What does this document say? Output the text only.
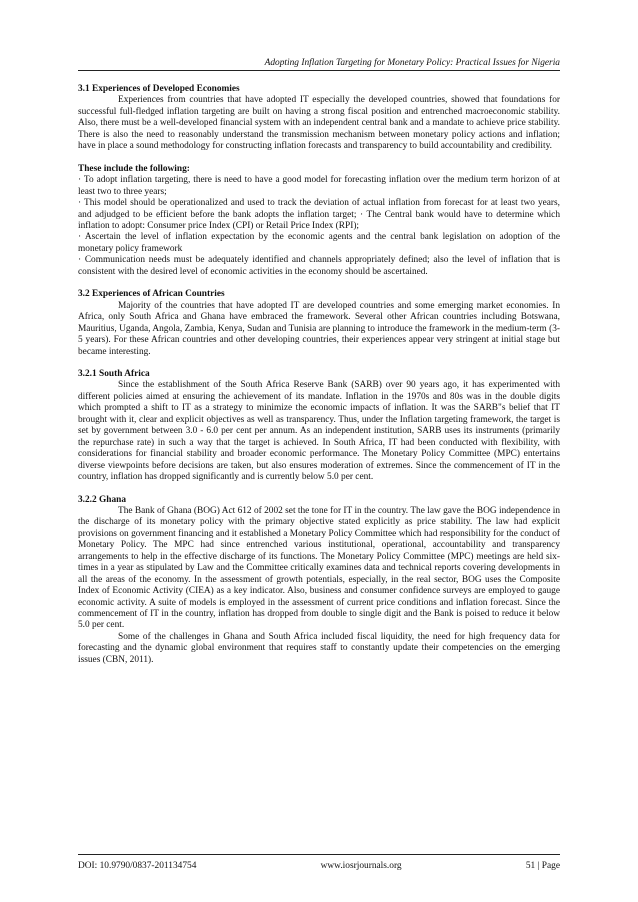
Adopting Inflation Targeting for Monetary Policy: Practical Issues for Nigeria

3.1 Experiences of Developed Economies

Experiences from countries that have adopted IT especially the developed countries, showed that foundations for successful full-fledged inflation targeting are built on having a strong fiscal position and entrenched macroeconomic stability. Also, there must be a well-developed financial system with an independent central bank and a mandate to achieve price stability. There is also the need to reasonably understand the transmission mechanism between monetary policy actions and inflation; have in place a sound methodology for constructing inflation forecasts and transparency to build accountability and credibility.

These include the following:

· To adopt inflation targeting, there is need to have a good model for forecasting inflation over the medium term horizon of at least two to three years;

· This model should be operationalized and used to track the deviation of actual inflation from forecast for at least two years, and adjudged to be efficient before the bank adopts the inflation target; · The Central bank would have to determine which inflation to adopt: Consumer price Index (CPI) or Retail Price Index (RPI);

· Ascertain the level of inflation expectation by the economic agents and the central bank legislation on adoption of the monetary policy framework

· Communication needs must be adequately identified and channels appropriately defined; also the level of inflation that is consistent with the desired level of economic activities in the economy should be ascertained.

3.2 Experiences of African Countries

Majority of the countries that have adopted IT are developed countries and some emerging market economies. In Africa, only South Africa and Ghana have embraced the framework. Several other African countries including Botswana, Mauritius, Uganda, Angola, Zambia, Kenya, Sudan and Tunisia are planning to introduce the framework in the medium-term (3-5 years). For these African countries and other developing countries, their experiences appear very stringent at initial stage but became interesting.

3.2.1 South Africa

Since the establishment of the South Africa Reserve Bank (SARB) over 90 years ago, it has experimented with different policies aimed at ensuring the achievement of its mandate. Inflation in the 1970s and 80s was in the double digits which prompted a shift to IT as a strategy to minimize the economic impacts of inflation. It was the SARB"s belief that IT brought with it, clear and explicit objectives as well as transparency. Thus, under the Inflation targeting framework, the target is set by government between 3.0 - 6.0 per cent per annum. As an independent institution, SARB uses its instruments (primarily the repurchase rate) in such a way that the target is achieved. In South Africa, IT had been conducted with flexibility, with considerations for financial stability and broader economic performance. The Monetary Policy Committee (MPC) entertains diverse viewpoints before decisions are taken, but also ensures moderation of extremes. Since the commencement of IT in the country, inflation has dropped significantly and is currently below 5.0 per cent.

3.2.2 Ghana

The Bank of Ghana (BOG) Act 612 of 2002 set the tone for IT in the country. The law gave the BOG independence in the discharge of its monetary policy with the primary objective stated explicitly as price stability. The law had explicit provisions on government financing and it established a Monetary Policy Committee which had responsibility for the conduct of Monetary Policy. The MPC had since entrenched various institutional, operational, accountability and transparency arrangements to help in the effective discharge of its functions. The Monetary Policy Committee (MPC) meetings are held six-times in a year as stipulated by Law and the Committee critically examines data and technical reports covering developments in all the areas of the economy. In the assessment of growth potentials, especially, in the real sector, BOG uses the Composite Index of Economic Activity (CIEA) as a key indicator. Also, business and consumer confidence surveys are employed to gauge economic activity. A suite of models is employed in the assessment of current price conditions and inflation forecast. Since the commencement of IT in the country, inflation has dropped from double to single digit and the Bank is poised to reduce it below 5.0 per cent.

Some of the challenges in Ghana and South Africa included fiscal liquidity, the need for high frequency data for forecasting and the dynamic global environment that requires staff to constantly update their competencies on the emerging issues (CBN, 2011).

DOI: 10.9790/0837-201134754	www.iosrjournals.org	51 | Page
